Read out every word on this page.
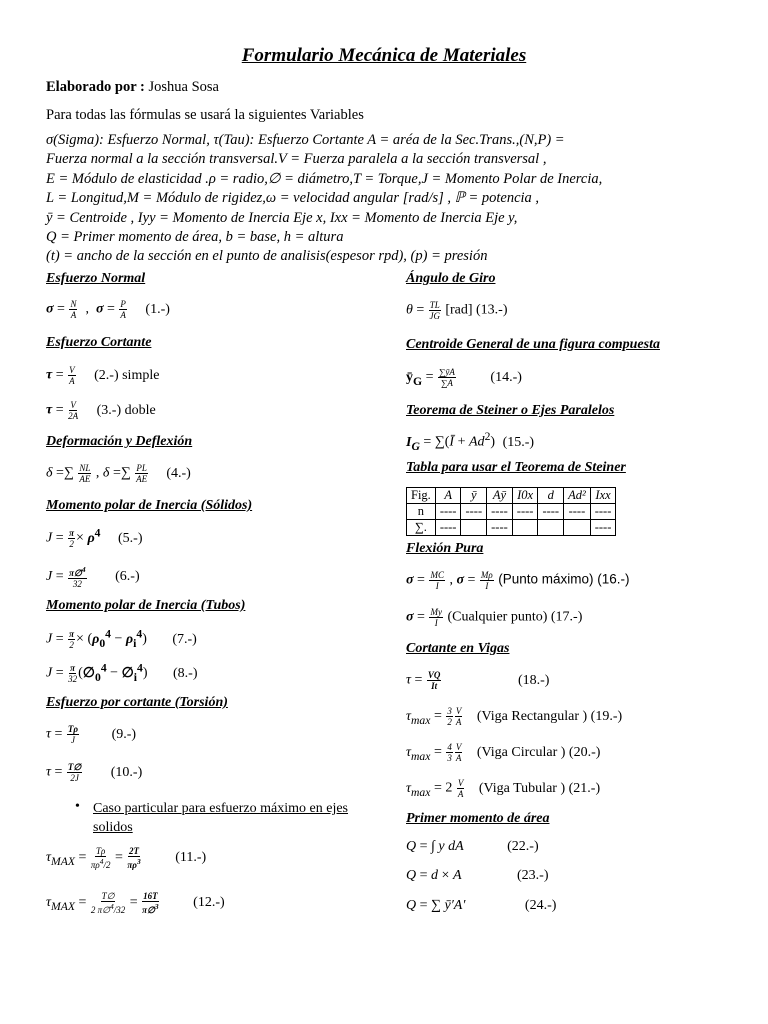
Formulario Mecánica de Materiales
Elaborado por : Joshua Sosa
Para todas las fórmulas se usará la siguientes Variables
σ(Sigma): Esfuerzo Normal, τ(Tau): Esfuerzo Cortante A = aréa de la Sec.Trans.,(N,P) =
Fuerza normal a la sección transversal.V = Fuerza paralela a la sección transversal ,
E = Módulo de elasticidad .ρ = radio,∅ = diámetro,T = Torque,J = Momento Polar de Inercia,
L = Longitud,M = Módulo de rigidez,ω = velocidad angular [rad/s] , ℙ = potencia ,
ȳ = Centroide , Iyy = Momento de Inercia Eje x, Ixx = Momento de Inercia Eje y,
Q = Primer momento de área, b = base, h = altura
(t) = ancho de la sección en el punto de analisis(espesor rpd), (p) = presión
Esfuerzo Normal
$\sigma = \frac{N}{A}$ ,  $\sigma = \frac{P}{A} (1.-)$
Esfuerzo Cortante
$\tau = \frac{V}{A} (2.-)$ simple
$\tau = \frac{V}{2A} (3.-)$ doble
Deformación y Deflexión
δ =∑ $\frac{NL}{AE}$ , δ =∑ $\frac{PL}{AE} (4.-)$
Momento polar de Inercia (Sólidos)
$J = \frac{\pi}{2} \times \rho^4$ (5.-)
$J = \frac{\pi\emptyset^4}{32} (6.-)$
Momento polar de Inercia (Tubos)
$J = \frac{\pi}{2} \times (\rho_0^4 - \rho_i^4)$ (7.-)
$J = \frac{\pi}{32}$ ($\emptyset_0^4$ − $\emptyset_i^4$) (8.-)
Esfuerzo por cortante (Torsión)
$\tau = \frac{T\rho}{J} (9.-)$
$\tau = \frac{T\emptyset}{2J} (10.-)$
• Caso particular para esfuerzo máximo en ejes solidos
$\tau_{MAX} = \frac{T\rho}{\pi\rho^4/2} = \frac{2T}{\pi\rho^3} (11.-)$
$\tau_{MAX} = \frac{T\emptyset}{2 \pi\emptyset^4/32} = \frac{16T}{\pi\emptyset^3} (12.-)$
Ángulo de Giro
$\theta = \frac{TL}{JG} [rad]$ (13.-)
Centroide General de una figura compuesta
$ȳ_G = \frac{\sum ȳA}{\sum A} (14.-)$
Teorema de Steiner o Ejes Paralelos
$I_G$ = ∑(Ī + $Ad^2$) (15.-)
Tabla para usar el Teorema de Steiner
Fig.	A	ȳ	Aȳ	I0x	d	Ad²	Ixx
n	----	----	----	----	----	----	----
∑.	----		----				----
Flexión Pura
$\sigma = \frac{MC}{I}$ , $\sigma = \frac{M\rho}{I}$ (Punto máximo) (16.-)
$\sigma = \frac{My}{I}$ (Cualquier punto) (17.-)
Cortante en Vigas
$\tau = \frac{VQ}{It}$	(18.-)
$\tau_{max} = \frac{3}{2} \frac{V}{A}$ (Viga Rectangular ) (19.-)
$\tau_{max} = \frac{4}{3} \frac{V}{A}$ (Viga Circular ) (20.-)
$\tau_{max} = 2 \frac{V}{A}$ (Viga Tubular ) (21.-)
Primer momento de área
Q = ∫ y dA	(22.-)
Q = d × A	(23.-)
Q = ∑ ȳ′A′	(24.-)
